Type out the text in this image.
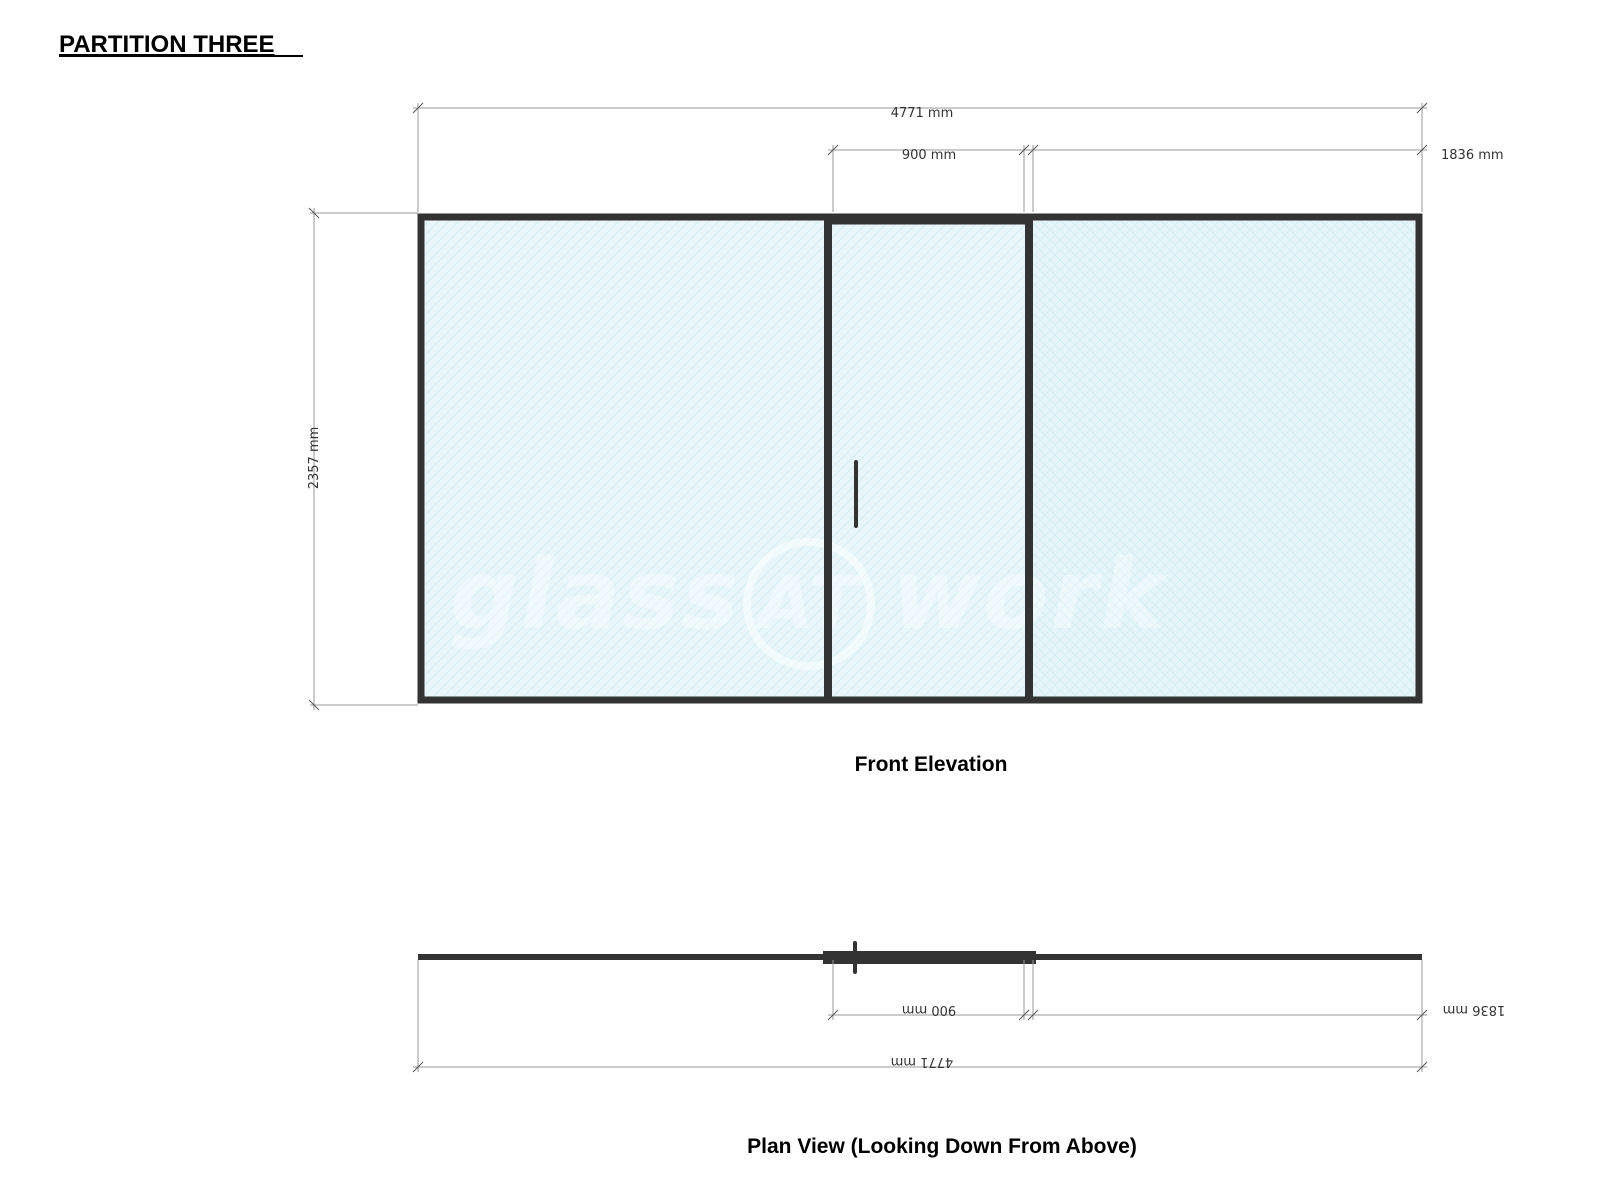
PARTITION THREE
4771 mm
900 mm	1836 mm
2357 mm
glass AT work
Front Elevation
900 mm	1836 mm
4771 mm
Plan View (Looking Down From Above)
